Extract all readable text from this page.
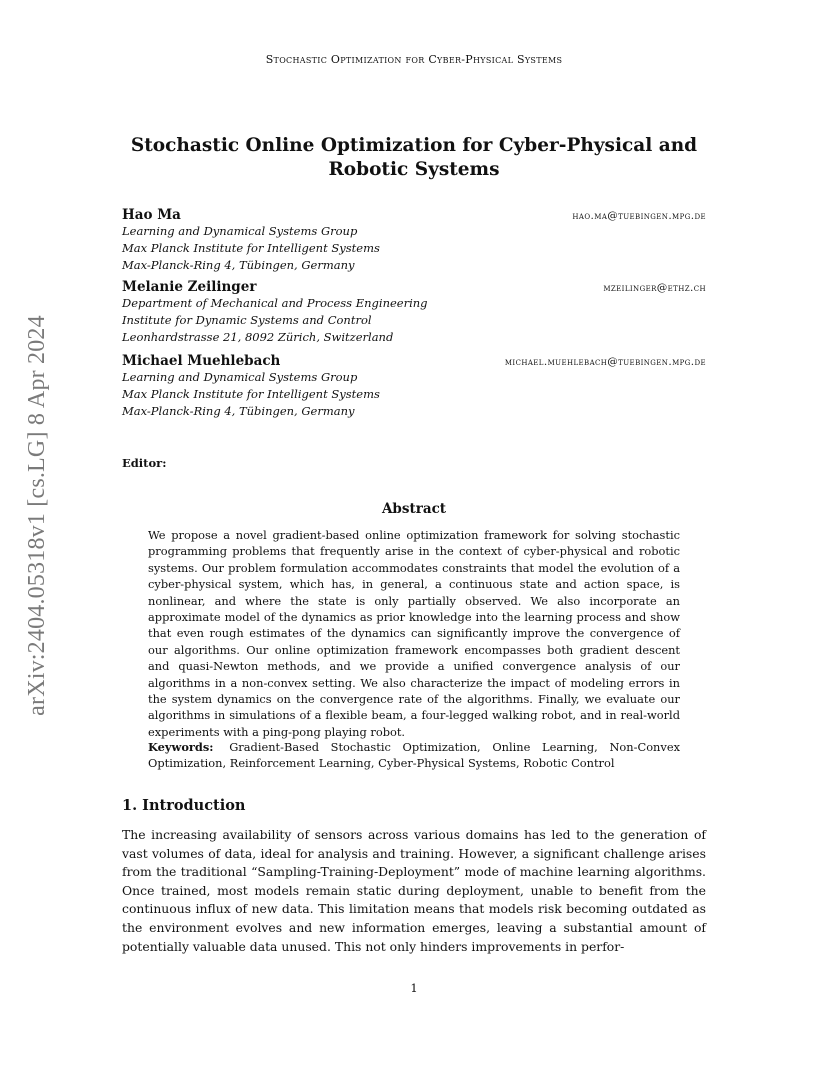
Stochastic Optimization for Cyber-Physical Systems
arXiv:2404.05318v1 [cs.LG] 8 Apr 2024
Stochastic Online Optimization for Cyber-Physical and
Robotic Systems
Hao Ma	hao.ma@tuebingen.mpg.de
Learning and Dynamical Systems Group
Max Planck Institute for Intelligent Systems
Max-Planck-Ring 4, Tübingen, Germany
Melanie Zeilinger	mzeilinger@ethz.ch
Department of Mechanical and Process Engineering
Institute for Dynamic Systems and Control
Leonhardstrasse 21, 8092 Zürich, Switzerland
Michael Muehlebach	michael.muehlebach@tuebingen.mpg.de
Learning and Dynamical Systems Group
Max Planck Institute for Intelligent Systems
Max-Planck-Ring 4, Tübingen, Germany
Editor:
Abstract
We propose a novel gradient-based online optimization framework for solving stochastic programming problems that frequently arise in the context of cyber-physical and robotic systems. Our problem formulation accommodates constraints that model the evolution of a cyber-physical system, which has, in general, a continuous state and action space, is nonlinear, and where the state is only partially observed. We also incorporate an approximate model of the dynamics as prior knowledge into the learning process and show that even rough estimates of the dynamics can significantly improve the convergence of our algorithms. Our online optimization framework encompasses both gradient descent and quasi-Newton methods, and we provide a unified convergence analysis of our algorithms in a non-convex setting. We also characterize the impact of modeling errors in the system dynamics on the convergence rate of the algorithms. Finally, we evaluate our algorithms in simulations of a flexible beam, a four-legged walking robot, and in real-world experiments with a ping-pong playing robot.
Keywords: Gradient-Based Stochastic Optimization, Online Learning, Non-Convex Optimization, Reinforcement Learning, Cyber-Physical Systems, Robotic Control
1. Introduction
The increasing availability of sensors across various domains has led to the generation of vast volumes of data, ideal for analysis and training. However, a significant challenge arises from the traditional “Sampling-Training-Deployment” mode of machine learning algorithms. Once trained, most models remain static during deployment, unable to benefit from the continuous influx of new data. This limitation means that models risk becoming outdated as the environment evolves and new information emerges, leaving a substantial amount of potentially valuable data unused. This not only hinders improvements in perfor-
1
